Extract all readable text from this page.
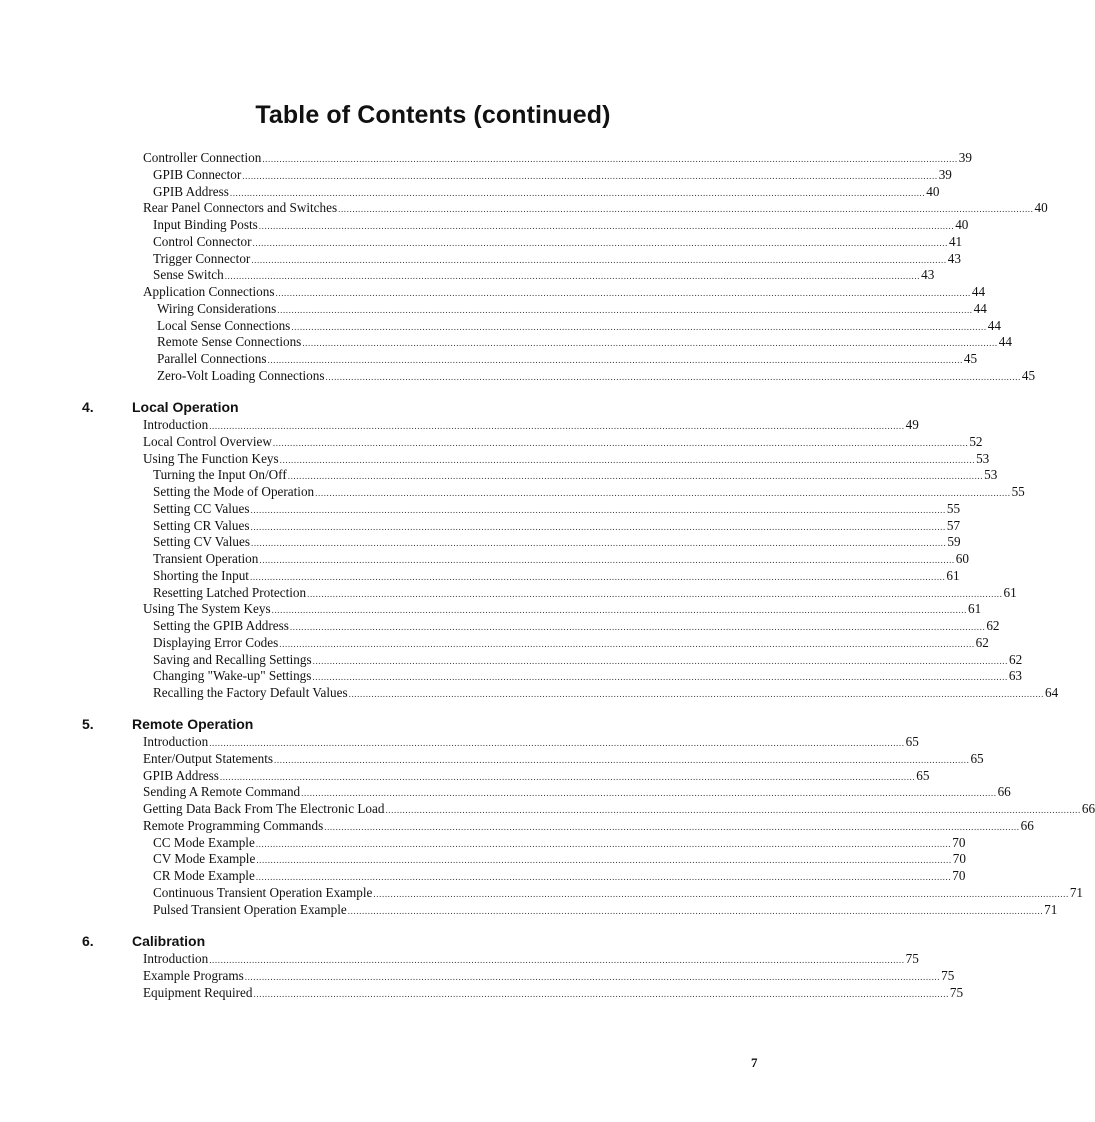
Table of Contents (continued)
Controller Connection .................................................................................................................................................................................................................................................... 39
GPIB Connector .................................................................................................................................................................................................................................................... 39
GPIB Address .................................................................................................................................................................................................................................................... 40
Rear Panel Connectors and Switches .................................................................................................................................................................................................................................................... 40
Input Binding Posts .................................................................................................................................................................................................................................................... 40
Control Connector .................................................................................................................................................................................................................................................... 41
Trigger Connector .................................................................................................................................................................................................................................................... 43
Sense Switch .................................................................................................................................................................................................................................................... 43
Application Connections .................................................................................................................................................................................................................................................... 44
Wiring Considerations .................................................................................................................................................................................................................................................... 44
Local Sense Connections .................................................................................................................................................................................................................................................... 44
Remote Sense Connections .................................................................................................................................................................................................................................................... 44
Parallel Connections .................................................................................................................................................................................................................................................... 45
Zero-Volt Loading Connections .................................................................................................................................................................................................................................................... 45
4.	Local Operation
Introduction .................................................................................................................................................................................................................................................... 49
Local Control Overview .................................................................................................................................................................................................................................................... 52
Using The Function Keys .................................................................................................................................................................................................................................................... 53
Turning the Input On/Off .................................................................................................................................................................................................................................................... 53
Setting the Mode of Operation .................................................................................................................................................................................................................................................... 55
Setting CC Values .................................................................................................................................................................................................................................................... 55
Setting CR Values .................................................................................................................................................................................................................................................... 57
Setting CV Values .................................................................................................................................................................................................................................................... 59
Transient Operation .................................................................................................................................................................................................................................................... 60
Shorting the Input .................................................................................................................................................................................................................................................... 61
Resetting Latched Protection .................................................................................................................................................................................................................................................... 61
Using The System Keys .................................................................................................................................................................................................................................................... 61
Setting the GPIB Address .................................................................................................................................................................................................................................................... 62
Displaying Error Codes .................................................................................................................................................................................................................................................... 62
Saving and Recalling Settings .................................................................................................................................................................................................................................................... 62
Changing "Wake-up" Settings .................................................................................................................................................................................................................................................... 63
Recalling the Factory Default Values .................................................................................................................................................................................................................................................... 64
5.	Remote Operation
Introduction .................................................................................................................................................................................................................................................... 65
Enter/Output Statements .................................................................................................................................................................................................................................................... 65
GPIB Address .................................................................................................................................................................................................................................................... 65
Sending A Remote Command .................................................................................................................................................................................................................................................... 66
Getting Data Back From The Electronic Load .................................................................................................................................................................................................................................................... 66
Remote Programming Commands .................................................................................................................................................................................................................................................... 66
CC Mode Example .................................................................................................................................................................................................................................................... 70
CV Mode Example .................................................................................................................................................................................................................................................... 70
CR Mode Example .................................................................................................................................................................................................................................................... 70
Continuous Transient Operation Example .................................................................................................................................................................................................................................................... 71
Pulsed Transient Operation Example .................................................................................................................................................................................................................................................... 71
6.	Calibration
Introduction .................................................................................................................................................................................................................................................... 75
Example Programs .................................................................................................................................................................................................................................................... 75
Equipment Required .................................................................................................................................................................................................................................................... 75
7
